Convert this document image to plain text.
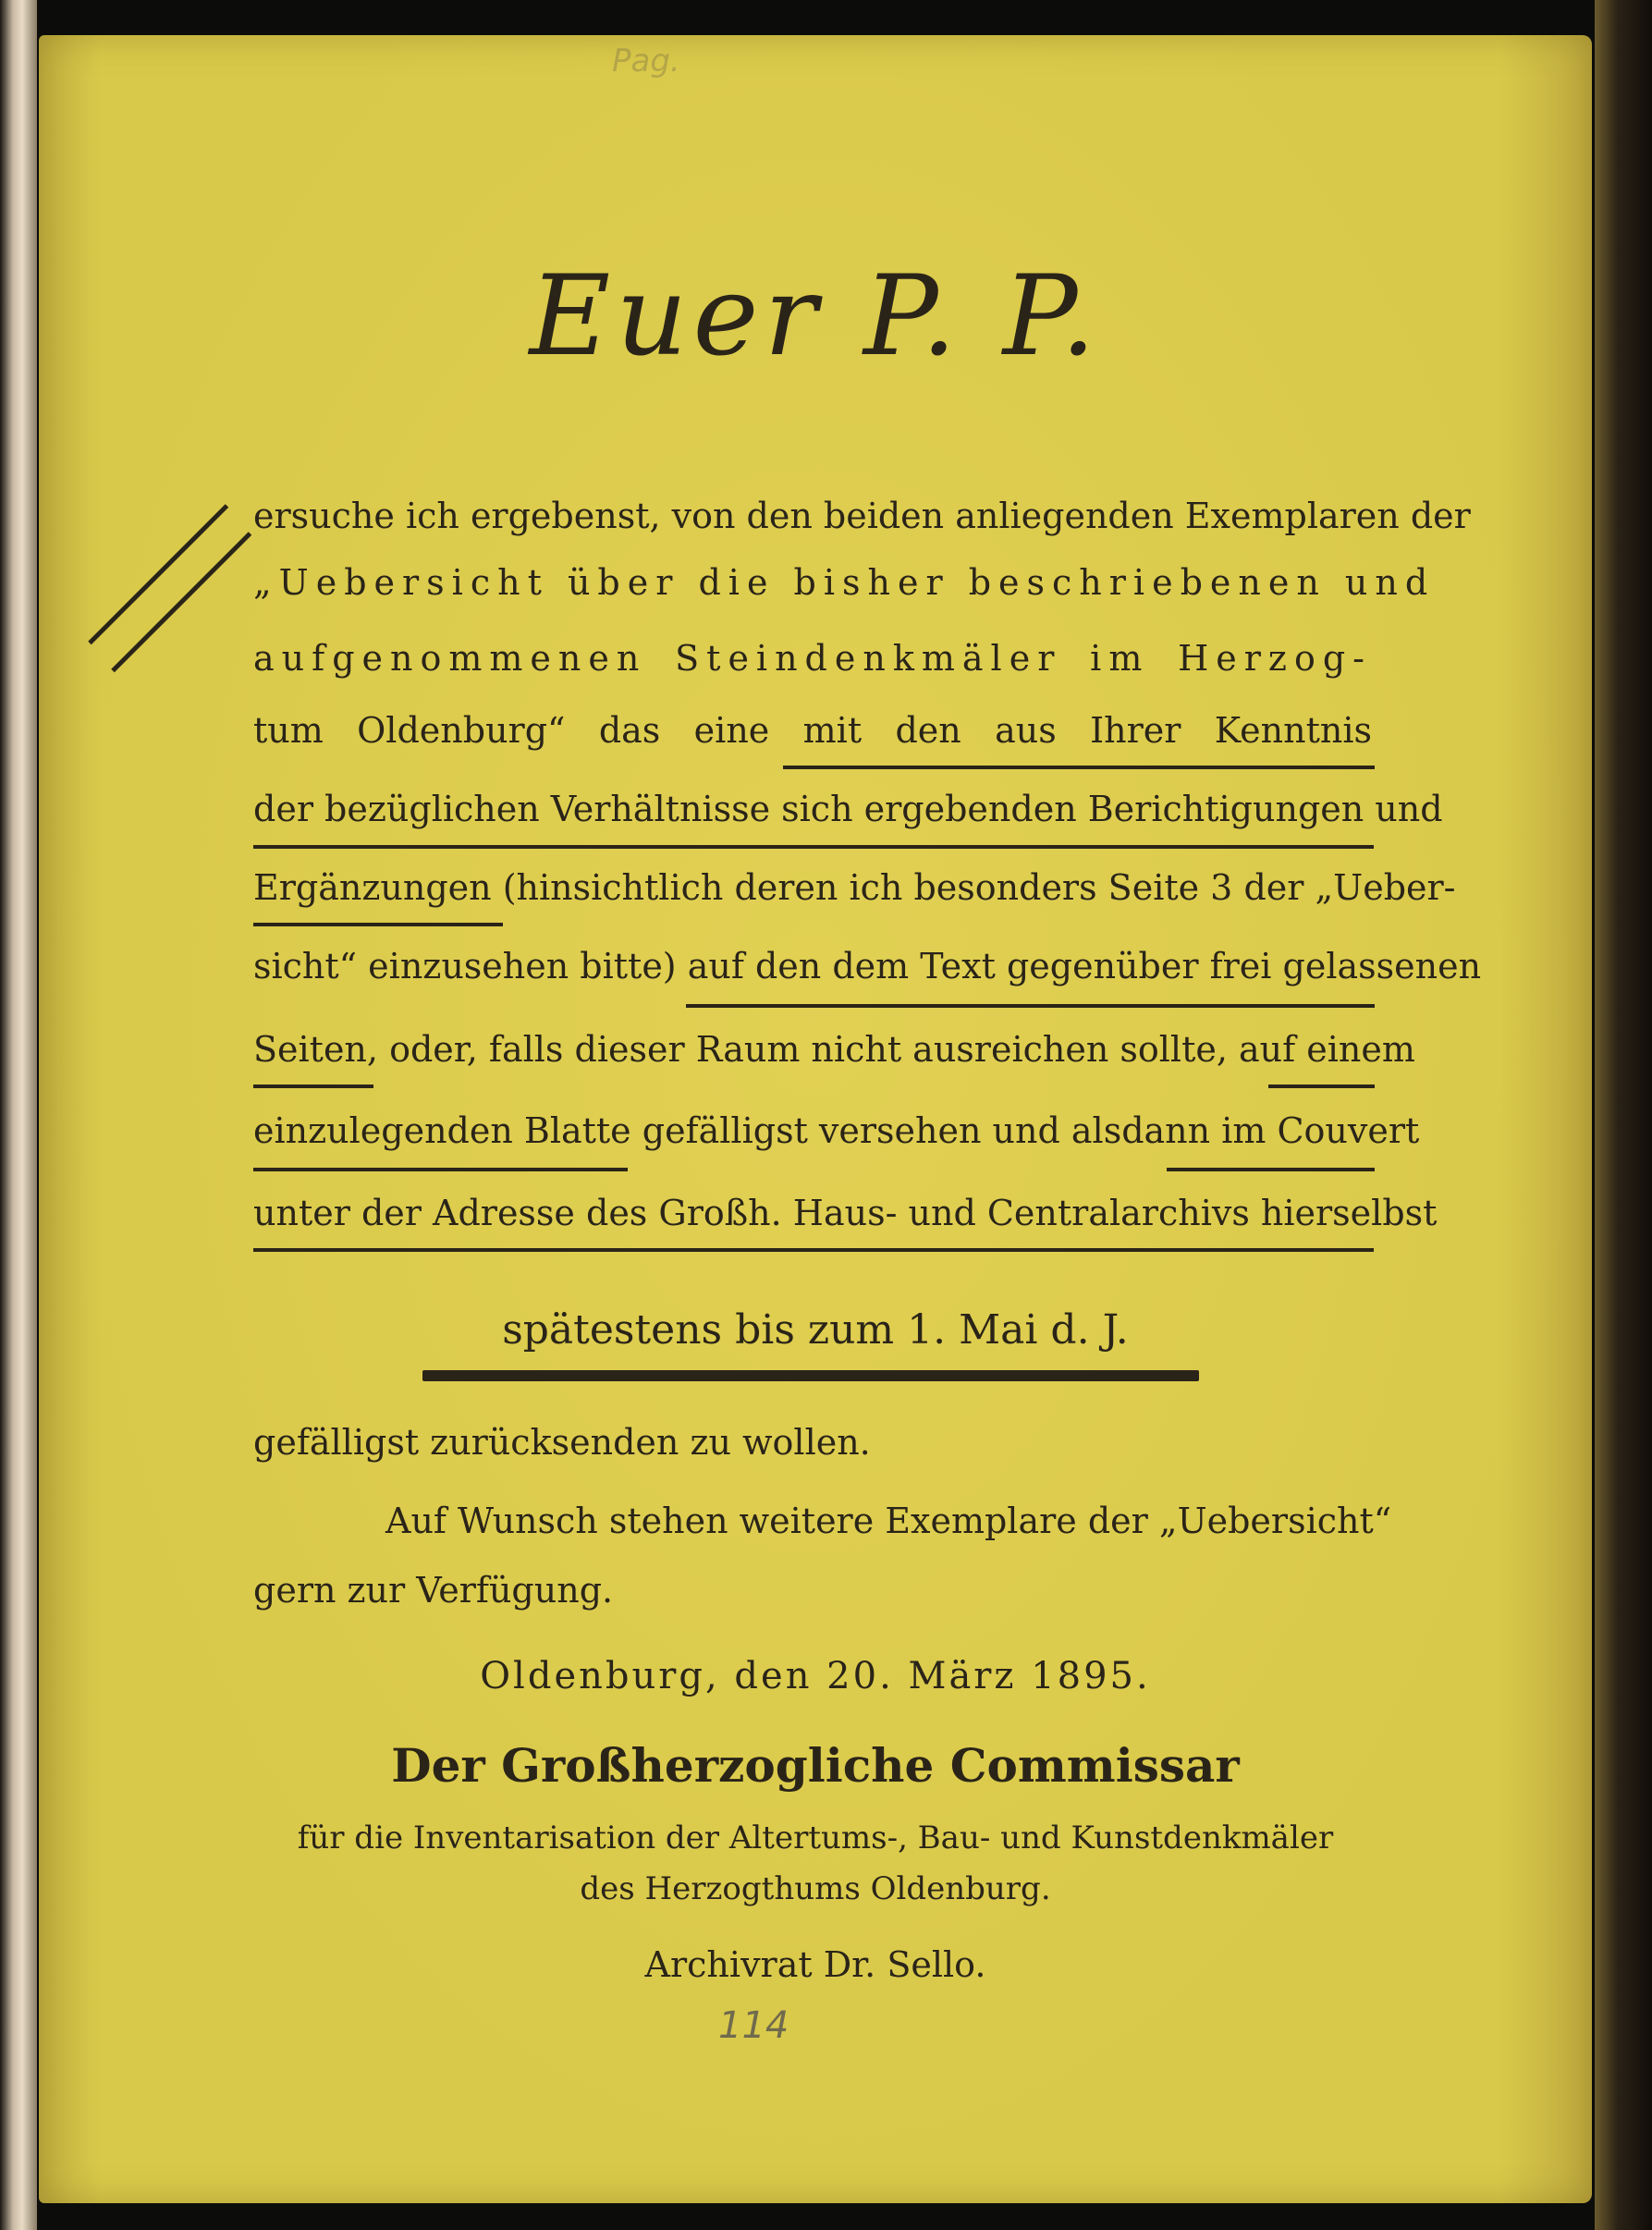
Pag.
Euer P. P.
ersuche ich ergebenst, von den beiden anliegenden Exemplaren der
„Uebersicht über die bisher beschriebenen und
aufgenommenen Steindenkmäler im Herzog-
tum Oldenburg“ das eine mit den aus Ihrer Kenntnis
der bezüglichen Verhältnisse sich ergebenden Berichtigungen und
Ergänzungen (hinsichtlich deren ich besonders Seite 3 der „Ueber-
sicht“ einzusehen bitte) auf den dem Text gegenüber frei gelassenen
Seiten, oder, falls dieser Raum nicht ausreichen sollte, auf einem
einzulegenden Blatte gefälligst versehen und alsdann im Couvert
unter der Adresse des Großh. Haus- und Centralarchivs hierselbst
spätestens bis zum 1. Mai d. J.
gefälligst zurücksenden zu wollen.
Auf Wunsch stehen weitere Exemplare der „Uebersicht“
gern zur Verfügung.
Oldenburg, den 20. März 1895.
Der Großherzogliche Commissar
für die Inventarisation der Altertums-, Bau- und Kunstdenkmäler
des Herzogthums Oldenburg.
Archivrat Dr. Sello.
114
